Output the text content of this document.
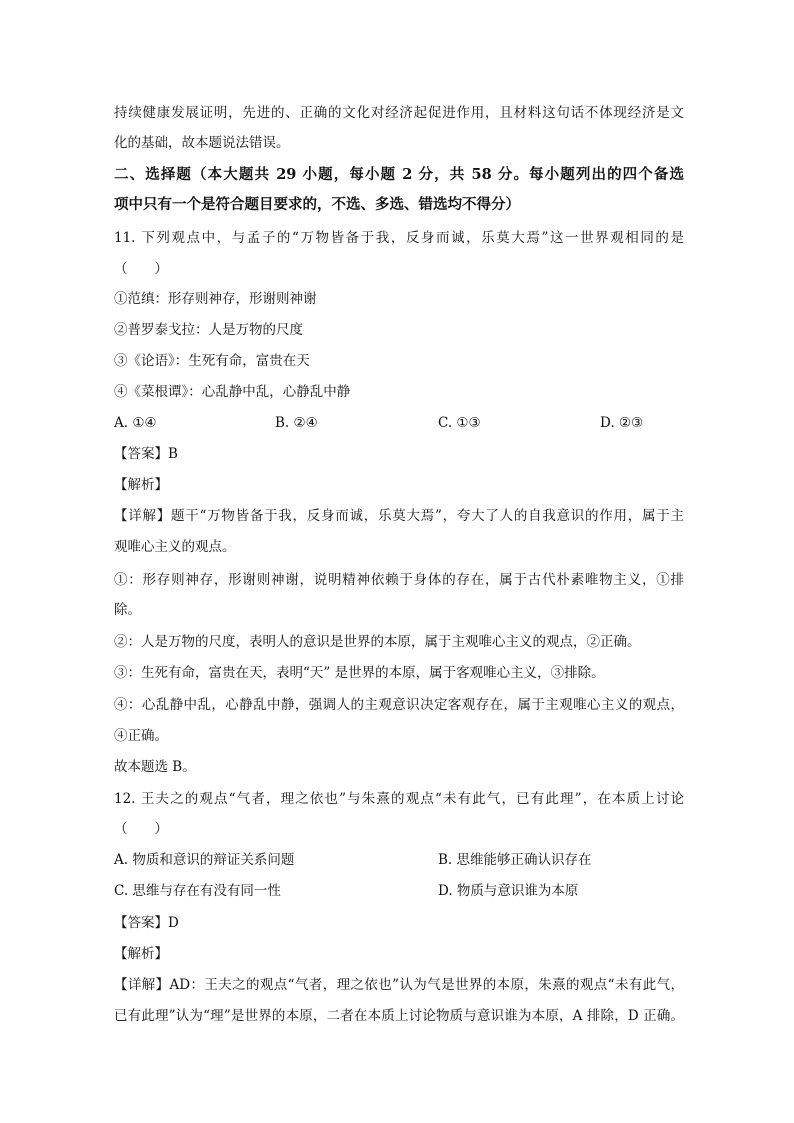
持续健康发展证明，先进的、正确的文化对经济起促进作用，且材料这句话不体现经济是文
化的基础，故本题说法错误。
二、选择题（本大题共 29 小题，每小题 2 分，共 58 分。每小题列出的四个备选
项中只有一个是符合题目要求的，不选、多选、错选均不得分）
11. 下列观点中，与孟子的“万物皆备于我，反身而诚，乐莫大焉”这一世界观相同的是
（　　）
①范缜：形存则神存，形谢则神谢
②普罗泰戈拉：人是万物的尺度
③《论语》：生死有命，富贵在天
④《菜根谭》：心乱静中乱，心静乱中静
A. ①④	B. ②④	C. ①③	D. ②③
【答案】B
【解析】
【详解】题干“万物皆备于我，反身而诚，乐莫大焉”，夸大了人的自我意识的作用，属于主
观唯心主义的观点。
①：形存则神存，形谢则神谢，说明精神依赖于身体的存在，属于古代朴素唯物主义，①排
除。
②：人是万物的尺度，表明人的意识是世界的本原，属于主观唯心主义的观点，②正确。
③：生死有命，富贵在天，表明“天” 是世界的本原，属于客观唯心主义，③排除。
④：心乱静中乱，心静乱中静，强调人的主观意识决定客观存在，属于主观唯心主义的观点，
④正确。
故本题选 B。
12. 王夫之的观点“气者，理之依也”与朱熹的观点“未有此气，已有此理”，在本质上讨论
（　　）
A. 物质和意识的辩证关系问题	B. 思维能够正确认识存在
C. 思维与存在有没有同一性	D. 物质与意识谁为本原
【答案】D
【解析】
【详解】AD：王夫之的观点“气者，理之依也”认为气是世界的本原，朱熹的观点“未有此气，
已有此理”认为“理”是世界的本原，二者在本质上讨论物质与意识谁为本原，A 排除，D 正确。
